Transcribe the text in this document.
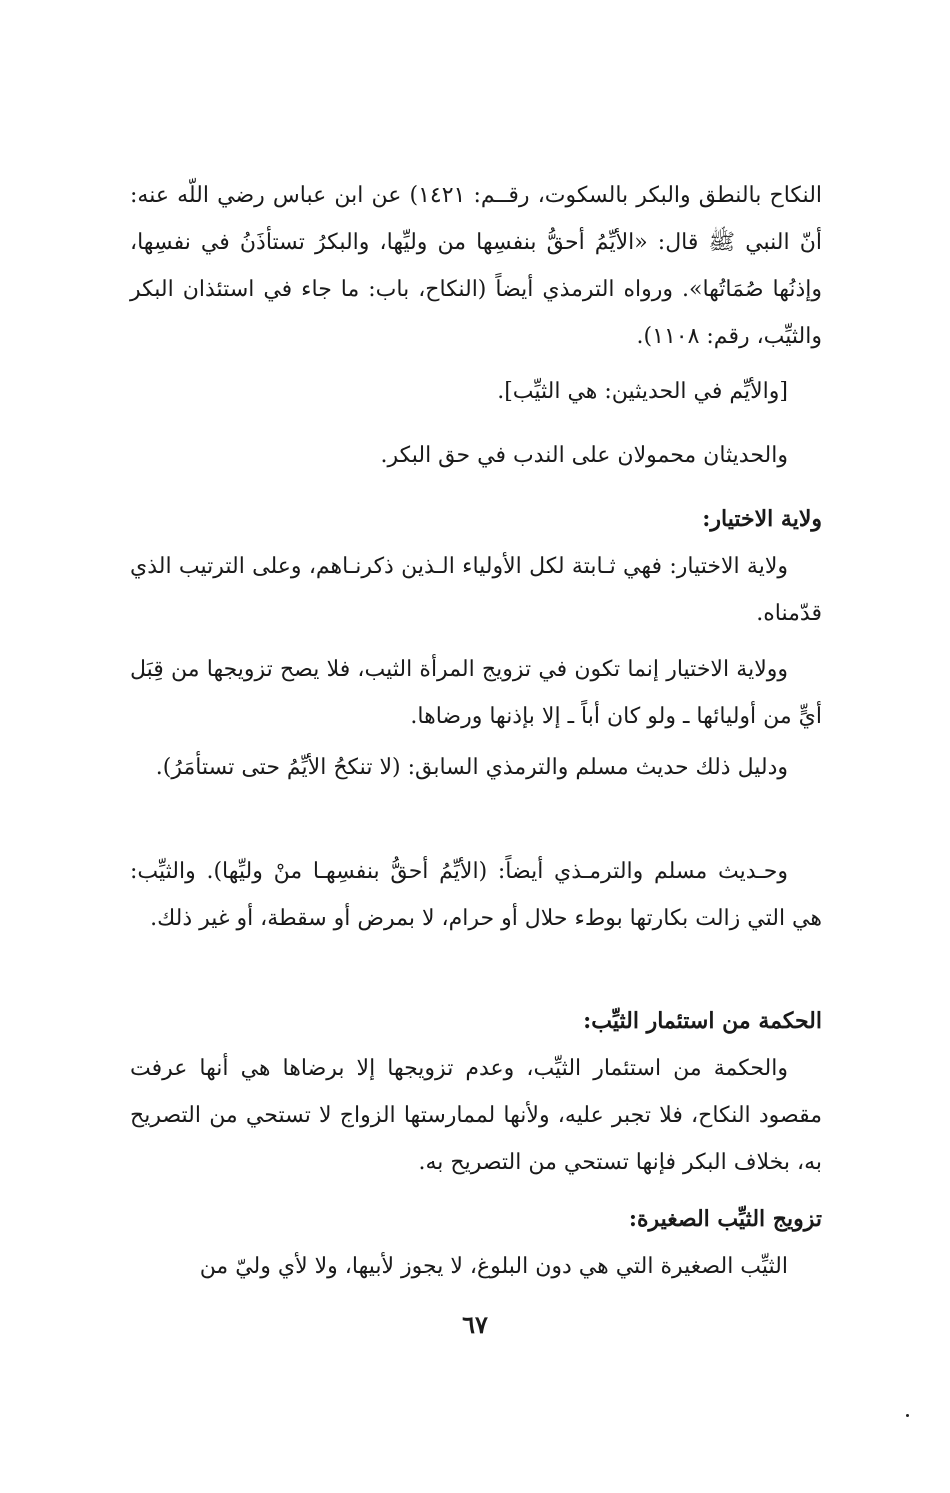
النكاح بالنطق والبكر بالسكوت، رقــم: ١٤٢١) عن ابن عباس رضي اللّه عنه: أنّ النبي ﷺ قال: «الأيِّمُ أحقُّ بنفسِها من وليِّها، والبكرُ تستأذَنُ في نفسِها، وإذنُها صُمَاتُها». ورواه الترمذي أيضاً (النكاح، باب: ما جاء في استئذان البكر والثيِّب، رقم: ١١٠٨).

[والأيِّم في الحديثين: هي الثيِّب].

والحديثان محمولان على الندب في حق البكر.

ولاية الاختيار:

ولاية الاختيار: فهي ثـابتة لكل الأولياء الـذين ذكرنـاهم، وعلى الترتيب الذي قدّمناه.

وولاية الاختيار إنما تكون في تزويج المرأة الثيب، فلا يصح تزويجها من قِبَل أيٍّ من أوليائها ـ ولو كان أباً ـ إلا بإذنها ورضاها.

ودليل ذلك حديث مسلم والترمذي السابق: (لا تنكحُ الأيِّمُ حتى تستأمَرُ).

وحـديث مسلم والترمـذي أيضاً: (الأيِّمُ أحقُّ بنفسِهـا منْ وليِّها). والثيِّب: هي التي زالت بكارتها بوطء حلال أو حرام، لا بمرض أو سقطة، أو غير ذلك.

الحكمة من استئمار الثيِّب:

والحكمة من استئمار الثيِّب، وعدم تزويجها إلا برضاها هي أنها عرفت مقصود النكاح، فلا تجبر عليه، ولأنها لممارستها الزواج لا تستحي من التصريح به، بخلاف البكر فإنها تستحي من التصريح به.

تزويج الثيِّب الصغيرة:

الثيِّب الصغيرة التي هي دون البلوغ، لا يجوز لأبيها، ولا لأي وليّ من

٦٧
